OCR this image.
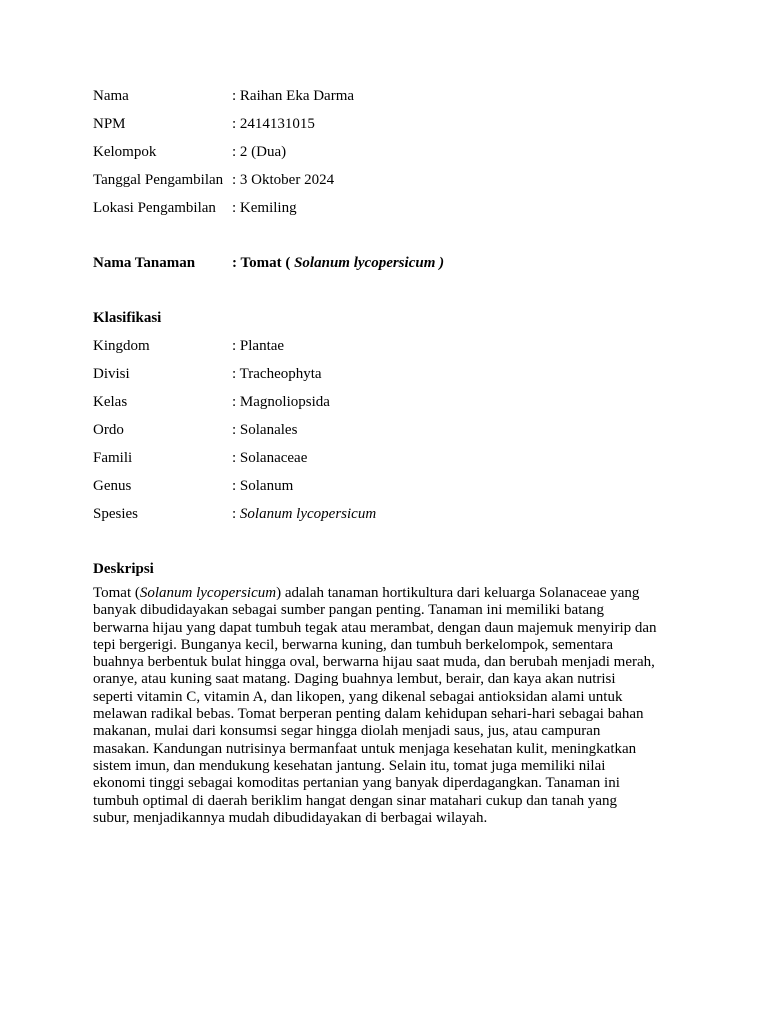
Nama	: Raihan Eka Darma
NPM	: 2414131015
Kelompok	: 2 (Dua)
Tanggal Pengambilan : 3 Oktober 2024
Lokasi Pengambilan	: Kemiling
Nama Tanaman	: Tomat ( Solanum lycopersicum )
Klasifikasi
Kingdom	: Plantae
Divisi	: Tracheophyta
Kelas	: Magnoliopsida
Ordo	: Solanales
Famili	: Solanaceae
Genus	: Solanum
Spesies	: Solanum lycopersicum
Deskripsi
Tomat (Solanum lycopersicum) adalah tanaman hortikultura dari keluarga Solanaceae yang
banyak dibudidayakan sebagai sumber pangan penting. Tanaman ini memiliki batang
berwarna hijau yang dapat tumbuh tegak atau merambat, dengan daun majemuk menyirip dan
tepi bergerigi. Bunganya kecil, berwarna kuning, dan tumbuh berkelompok, sementara
buahnya berbentuk bulat hingga oval, berwarna hijau saat muda, dan berubah menjadi merah,
oranye, atau kuning saat matang. Daging buahnya lembut, berair, dan kaya akan nutrisi
seperti vitamin C, vitamin A, dan likopen, yang dikenal sebagai antioksidan alami untuk
melawan radikal bebas. Tomat berperan penting dalam kehidupan sehari-hari sebagai bahan
makanan, mulai dari konsumsi segar hingga diolah menjadi saus, jus, atau campuran
masakan. Kandungan nutrisinya bermanfaat untuk menjaga kesehatan kulit, meningkatkan
sistem imun, dan mendukung kesehatan jantung. Selain itu, tomat juga memiliki nilai
ekonomi tinggi sebagai komoditas pertanian yang banyak diperdagangkan. Tanaman ini
tumbuh optimal di daerah beriklim hangat dengan sinar matahari cukup dan tanah yang
subur, menjadikannya mudah dibudidayakan di berbagai wilayah.
